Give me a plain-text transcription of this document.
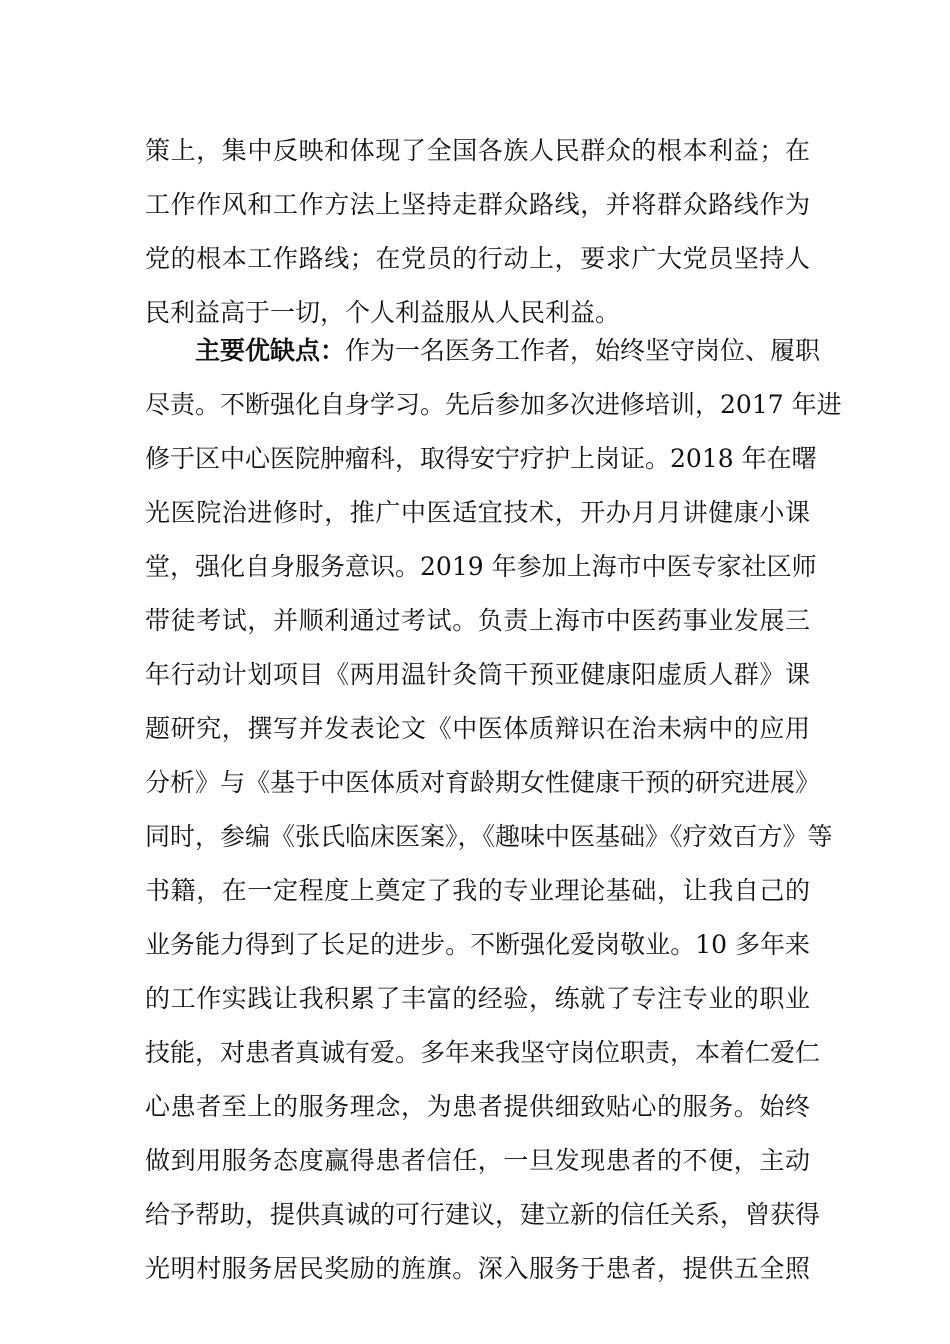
策上，集中反映和体现了全国各族人民群众的根本利益；在
工作作风和工作方法上坚持走群众路线，并将群众路线作为
党的根本工作路线；在党员的行动上，要求广大党员坚持人
民利益高于一切，个人利益服从人民利益。
主要优缺点：作为一名医务工作者，始终坚守岗位、履职
尽责。不断强化自身学习。先后参加多次进修培训，2017 年进
修于区中心医院肿瘤科，取得安宁疗护上岗证。2018 年在曙
光医院治进修时，推广中医适宜技术，开办月月讲健康小课
堂，强化自身服务意识。2019 年参加上海市中医专家社区师
带徒考试，并顺利通过考试。负责上海市中医药事业发展三
年行动计划项目《两用温针灸筒干预亚健康阳虚质人群》课
题研究，撰写并发表论文《中医体质辩识在治未病中的应用
分析》与《基于中医体质对育龄期女性健康干预的研究进展》
同时，参编《张氏临床医案》，《趣味中医基础》《疗效百方》等
书籍，在一定程度上奠定了我的专业理论基础，让我自己的
业务能力得到了长足的进步。不断强化爱岗敬业。10 多年来
的工作实践让我积累了丰富的经验，练就了专注专业的职业
技能，对患者真诚有爱。多年来我坚守岗位职责，本着仁爱仁
心患者至上的服务理念，为患者提供细致贴心的服务。始终
做到用服务态度赢得患者信任，一旦发现患者的不便，主动
给予帮助，提供真诚的可行建议，建立新的信任关系，曾获得
光明村服务居民奖励的旌旗。深入服务于患者，提供五全照
